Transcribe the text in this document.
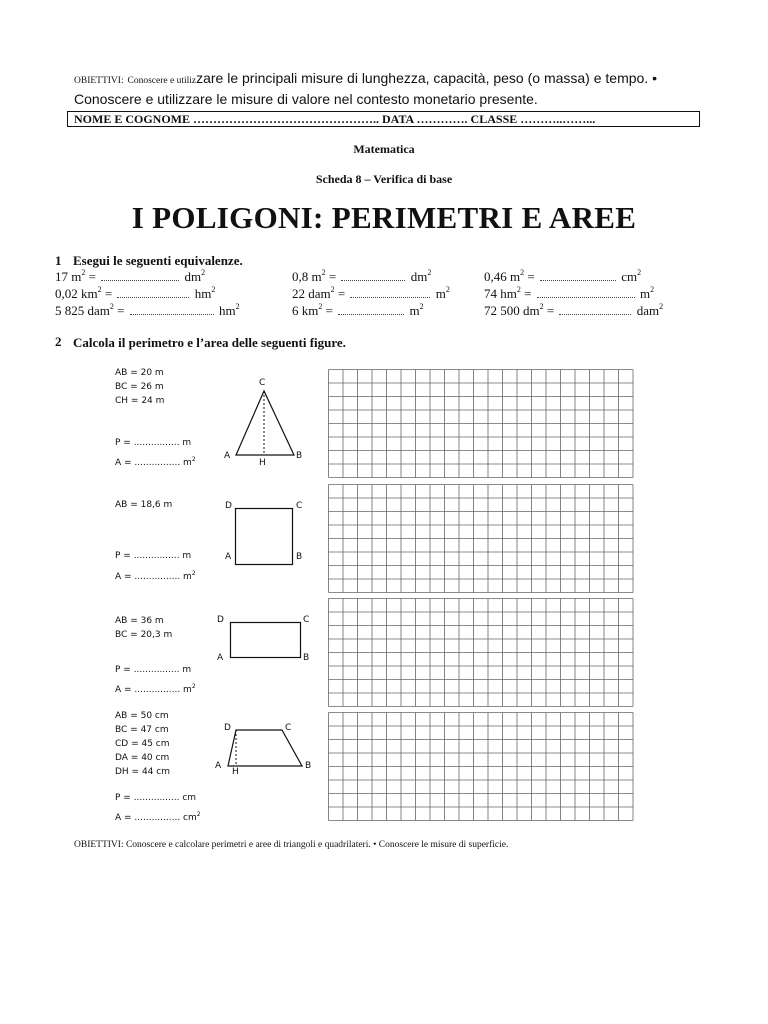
OBIETTIVI: Conoscere e utilizzare le principali misure di lunghezza, capacità, peso (o massa) e tempo. •
Conoscere e utilizzare le misure di valore nel contesto monetario presente.
NOME E COGNOME ……………………………………….. DATA …………. CLASSE ………..……...
Matematica
Scheda 8 – Verifica di base
I POLIGONI: PERIMETRI E AREE
1 Esegui le seguenti equivalenze.
17 $m^2$ =	$dm^2$	0,8 $m^2$ =	$dm^2$	0,46 $m^2$ =	$cm^2$
0,02 $km^2$ =	$hm^2$	22 dam$^2$ =	$m^2$	74 $hm^2$ =	$m^2$
5 825 dam$^2$ =	$hm^2$	6 $km^2$ =	$m^2$	72 500 $dm^2$ =	dam$^2$
2 Calcola il perimetro e l’area delle seguenti figure.
AB = 20 m
BC = 26 m
CH = 24 m
P = ................ m
A = ................ $m^2$
C
A	B
H
AB = 18,6 m
P = ................ m
A = ................ $m^2$
D	C
A	B
AB = 36 m
BC = 20,3 m
P = ................ m
A = ................ $m^2$
D	C
A	B
AB = 50 cm
BC = 47 cm
CD = 45 cm
DA = 40 cm
DH = 44 cm
P = ................ cm
A = ................ $cm^2$
D	C
A	B
H
OBIETTIVI: Conoscere e calcolare perimetri e aree di triangoli e quadrilateri. • Conoscere le misure di superficie.
